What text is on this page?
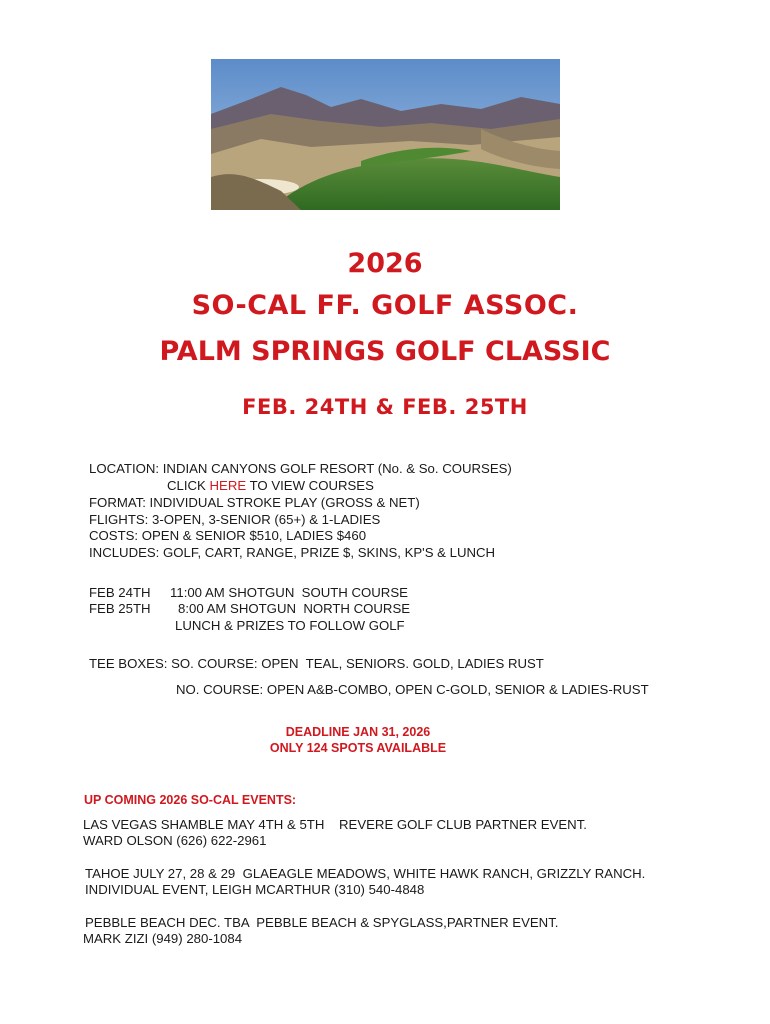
2026
SO-CAL FF. GOLF ASSOC.
PALM SPRINGS GOLF CLASSIC
FEB. 24TH & FEB. 25TH
LOCATION: INDIAN CANYONS GOLF RESORT (No. & So. COURSES)
CLICK HERE TO VIEW COURSES
FORMAT: INDIVIDUAL STROKE PLAY (GROSS & NET)
FLIGHTS: 3-OPEN, 3-SENIOR (65+) & 1-LADIES
COSTS: OPEN & SENIOR $510, LADIES $460
INCLUDES: GOLF, CART, RANGE, PRIZE $, SKINS, KP'S & LUNCH
FEB 24TH 11:00 AM SHOTGUN  SOUTH COURSE
FEB 25TH 8:00 AM SHOTGUN  NORTH COURSE
LUNCH & PRIZES TO FOLLOW GOLF
TEE BOXES: SO. COURSE: OPEN  TEAL, SENIORS. GOLD, LADIES RUST
NO. COURSE: OPEN A&B-COMBO, OPEN C-GOLD, SENIOR & LADIES-RUST
DEADLINE JAN 31, 2026
ONLY 124 SPOTS AVAILABLE
UP COMING 2026 SO-CAL EVENTS:
LAS VEGAS SHAMBLE MAY 4TH & 5TH    REVERE GOLF CLUB PARTNER EVENT.
WARD OLSON (626) 622-2961
TAHOE JULY 27, 28 & 29  GLAEAGLE MEADOWS, WHITE HAWK RANCH, GRIZZLY RANCH.
INDIVIDUAL EVENT, LEIGH MCARTHUR (310) 540-4848
PEBBLE BEACH DEC. TBA  PEBBLE BEACH & SPYGLASS,PARTNER EVENT.
MARK ZIZI (949) 280-1084
